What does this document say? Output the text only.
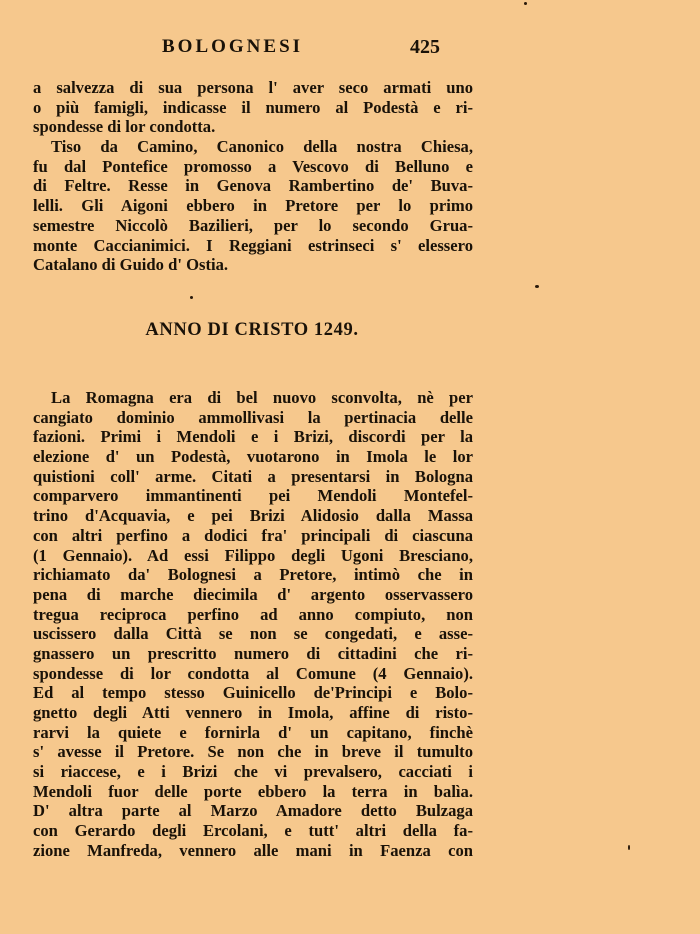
BOLOGNESI	425
a salvezza di sua persona l' aver seco armati uno
o più famigli, indicasse il numero al Podestà e ri-
spondesse di lor condotta.
Tiso da Camino, Canonico della nostra Chiesa,
fu dal Pontefice promosso a Vescovo di Belluno e
di Feltre. Resse in Genova Rambertino de' Buva-
lelli. Gli Aigoni ebbero in Pretore per lo primo
semestre Niccolò Bazilieri, per lo secondo Grua-
monte Caccianimici. I Reggiani estrinseci s' elessero
Catalano di Guido d' Ostia.
ANNO DI CRISTO 1249.
La Romagna era di bel nuovo sconvolta, nè per
cangiato dominio ammollivasi la pertinacia delle
fazioni. Primi i Mendoli e i Brizi, discordi per la
elezione d' un Podestà, vuotarono in Imola le lor
quistioni coll' arme. Citati a presentarsi in Bologna
comparvero immantinenti pei Mendoli Montefel-
trino d'Acquavia, e pei Brizi Alidosio dalla Massa
con altri perfino a dodici fra' principali di ciascuna
(1 Gennaio). Ad essi Filippo degli Ugoni Bresciano,
richiamato da' Bolognesi a Pretore, intimò che in
pena di marche diecimila d' argento osservassero
tregua reciproca perfino ad anno compiuto, non
uscissero dalla Città se non se congedati, e asse-
gnassero un prescritto numero di cittadini che ri-
spondesse di lor condotta al Comune (4 Gennaio).
Ed al tempo stesso Guinicello de'Principi e Bolo-
gnetto degli Atti vennero in Imola, affine di risto-
rarvi la quiete e fornirla d' un capitano, finchè
s' avesse il Pretore. Se non che in breve il tumulto
si riaccese, e i Brizi che vi prevalsero, cacciati i
Mendoli fuor delle porte ebbero la terra in balìa.
D' altra parte al Marzo Amadore detto Bulzaga
con Gerardo degli Ercolani, e tutt' altri della fa-
zione Manfreda, vennero alle mani in Faenza con
